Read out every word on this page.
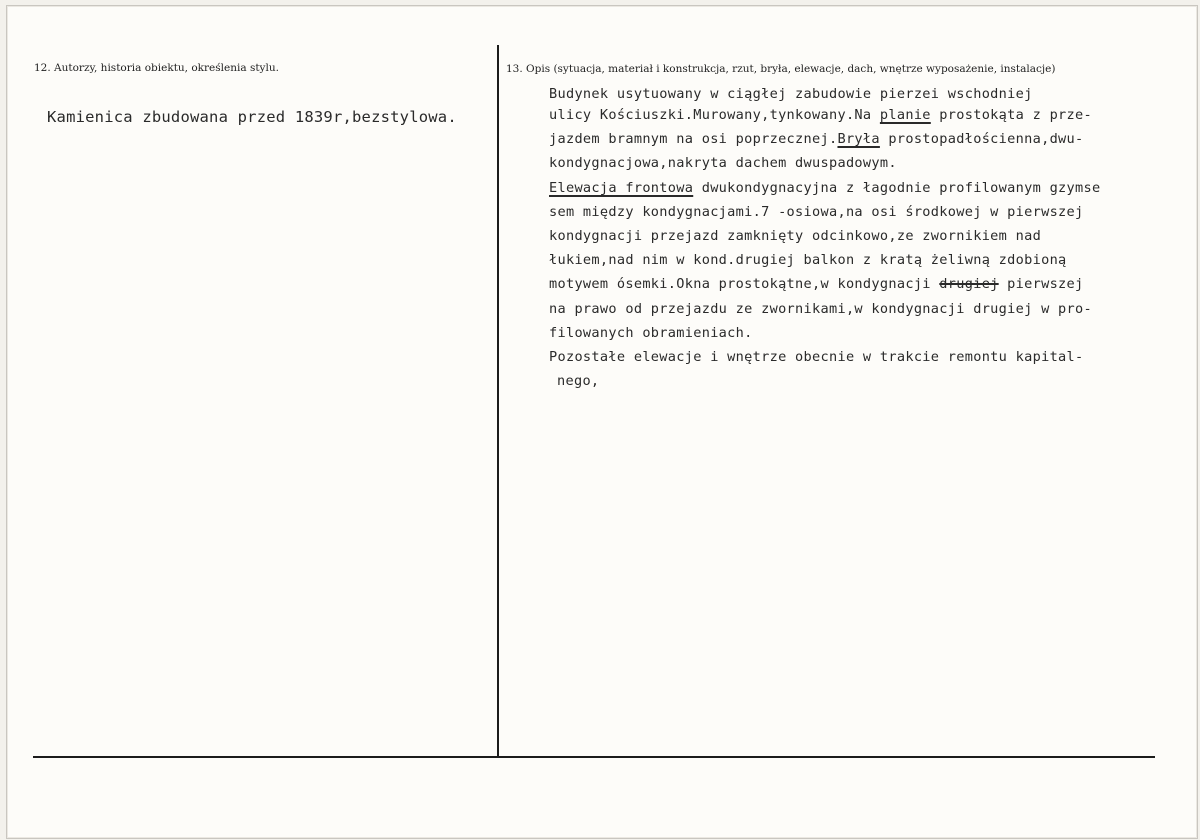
12. Autorzy, historia obiektu, określenia stylu.
Kamienica zbudowana przed 1839r,bezstylowa.
13. Opis (sytuacja, materiał i konstrukcja, rzut, bryła, elewacje, dach, wnętrze wyposażenie, instalacje)
Budynek usytuowany w ciągłej zabudowie pierzei wschodniej
ulicy Kościuszki.Murowany,tynkowany.Na planie prostokąta z prze-
jazdem bramnym na osi poprzecznej.Bryła prostopadłościenna,dwu-
kondygnacjowa,nakryta dachem dwuspadowym.
Elewacja frontowa dwukondygnacyjna z łagodnie profilowanym gzymse
sem między kondygnacjami.7 -osiowa,na osi środkowej w pierwszej
kondygnacji przejazd zamknięty odcinkowo,ze zwornikiem nad
łukiem,nad nim w kond.drugiej balkon z kratą żeliwną zdobioną
motywem ósemki.Okna prostokątne,w kondygnacji drugiej pierwszej
na prawo od przejazdu ze zwornikami,w kondygnacji drugiej w pro-
filowanych obramieniach.
Pozostałe elewacje i wnętrze obecnie w trakcie remontu kapital-
nego,
